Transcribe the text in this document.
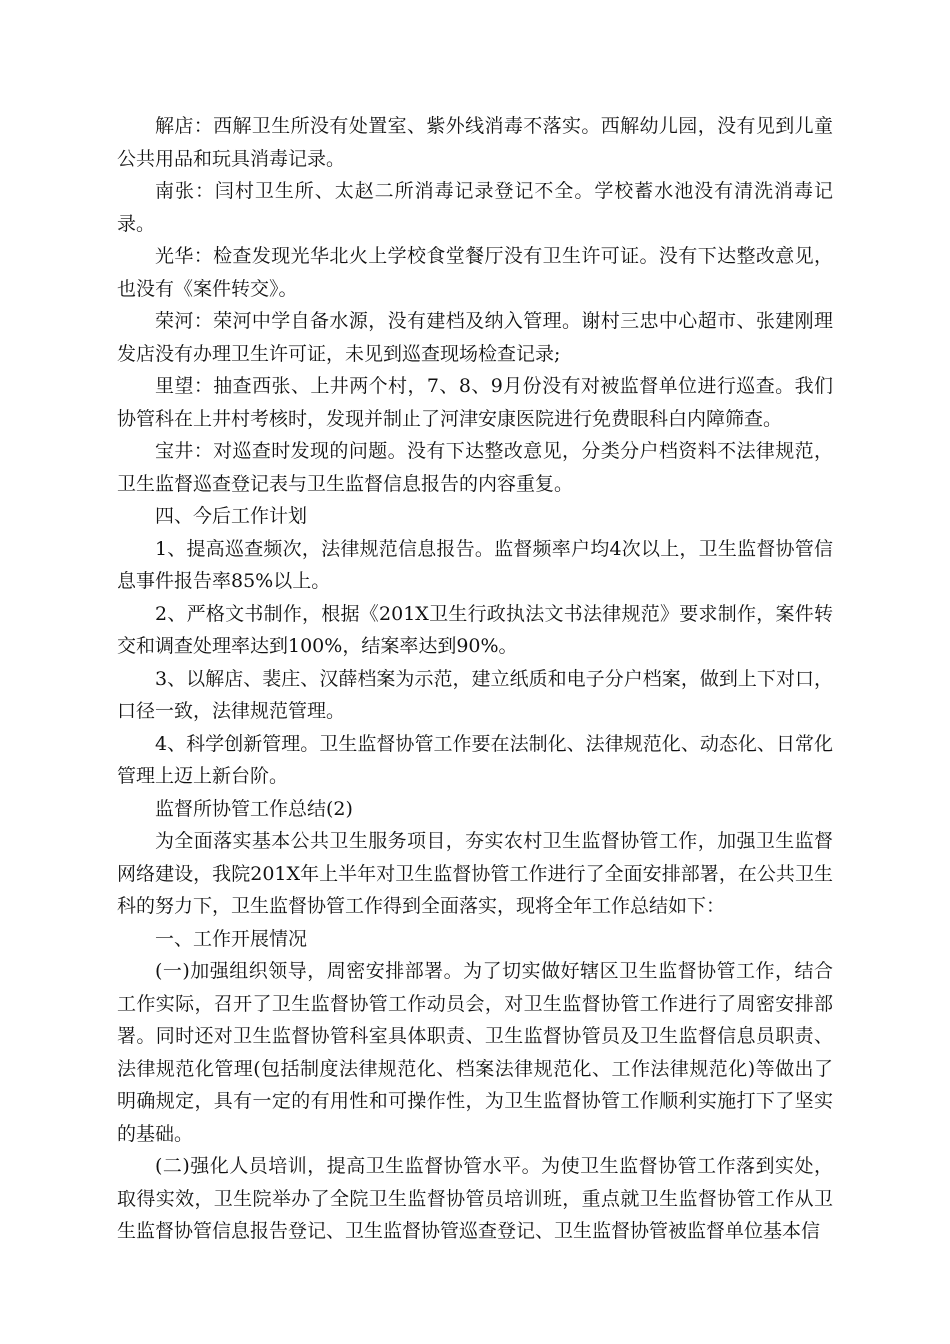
解店：西解卫生所没有处置室、紫外线消毒不落实。西解幼儿园，没有见到儿童公共用品和玩具消毒记录。

南张：闫村卫生所、太赵二所消毒记录登记不全。学校蓄水池没有清洗消毒记录。

光华：检查发现光华北火上学校食堂餐厅没有卫生许可证。没有下达整改意见，也没有《案件转交》。

荣河：荣河中学自备水源，没有建档及纳入管理。谢村三忠中心超市、张建刚理发店没有办理卫生许可证，未见到巡查现场检查记录;

里望：抽查西张、上井两个村，7、8、9月份没有对被监督单位进行巡查。我们协管科在上井村考核时，发现并制止了河津安康医院进行免费眼科白内障筛查。

宝井：对巡查时发现的问题。没有下达整改意见，分类分户档资料不法律规范，卫生监督巡查登记表与卫生监督信息报告的内容重复。

四、今后工作计划

1、提高巡查频次，法律规范信息报告。监督频率户均4次以上，卫生监督协管信息事件报告率85%以上。

2、严格文书制作，根据《201X卫生行政执法文书法律规范》要求制作，案件转交和调查处理率达到100%，结案率达到90%。

3、以解店、裴庄、汉薛档案为示范，建立纸质和电子分户档案，做到上下对口，口径一致，法律规范管理。

4、科学创新管理。卫生监督协管工作要在法制化、法律规范化、动态化、日常化管理上迈上新台阶。

监督所协管工作总结(2)

为全面落实基本公共卫生服务项目，夯实农村卫生监督协管工作，加强卫生监督网络建设，我院201X年上半年对卫生监督协管工作进行了全面安排部署，在公共卫生科的努力下，卫生监督协管工作得到全面落实，现将全年工作总结如下：

一、工作开展情况

(一)加强组织领导，周密安排部署。为了切实做好辖区卫生监督协管工作，结合工作实际，召开了卫生监督协管工作动员会，对卫生监督协管工作进行了周密安排部署。同时还对卫生监督协管科室具体职责、卫生监督协管员及卫生监督信息员职责、法律规范化管理(包括制度法律规范化、档案法律规范化、工作法律规范化)等做出了明确规定，具有一定的有用性和可操作性，为卫生监督协管工作顺利实施打下了坚实的基础。

(二)强化人员培训，提高卫生监督协管水平。为使卫生监督协管工作落到实处，取得实效，卫生院举办了全院卫生监督协管员培训班，重点就卫生监督协管工作从卫生监督协管信息报告登记、卫生监督协管巡查登记、卫生监督协管被监督单位基本信
